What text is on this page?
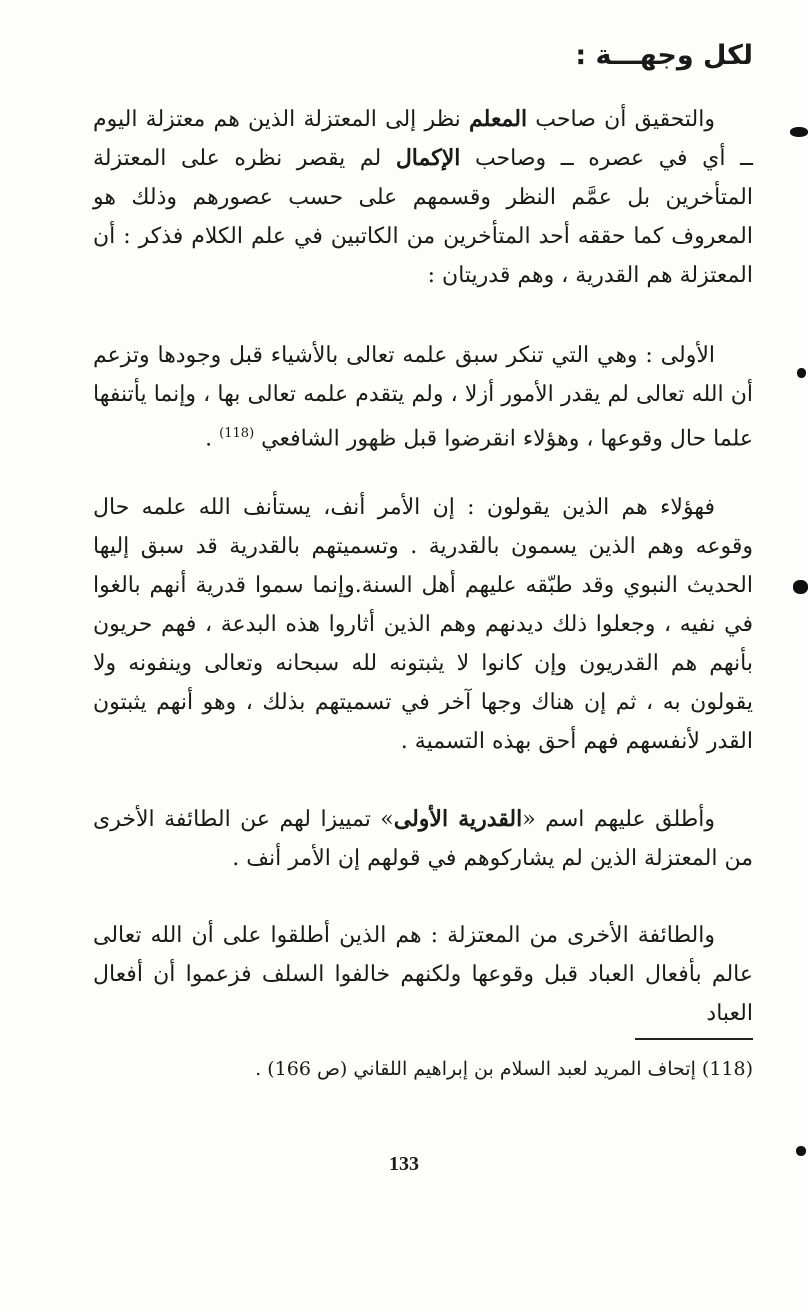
لكل وجهـــة :
والتحقيق أن صاحب المعلم نظر إلى المعتزلة الذين هم معتزلة اليوم ــ أي في عصره ــ وصاحب الإكمال لم يقصر نظره على المعتزلة المتأخرين بل عمَّم النظر وقسمهم على حسب عصورهم وذلك هو المعروف كما حققه أحد المتأخرين من الكاتبين في علم الكلام فذكر : أن المعتزلة هم القدرية ، وهم قدريتان :
الأولى : وهي التي تنكر سبق علمه تعالى بالأشياء قبل وجودها وتزعم أن الله تعالى لم يقدر الأمور أزلا ، ولم يتقدم علمه تعالى بها ، وإنما يأتنفها علما حال وقوعها ، وهؤلاء انقرضوا قبل ظهور الشافعي $^{(118)}$ .
فهؤلاء هم الذين يقولون : إن الأمر أنف، يستأنف الله علمه حال وقوعه وهم الذين يسمون بالقدرية . وتسميتهم بالقدرية قد سبق إليها الحديث النبوي وقد طبّقه عليهم أهل السنة.وإنما سموا قدرية أنهم بالغوا في نفيه ، وجعلوا ذلك ديدنهم وهم الذين أثاروا هذه البدعة ، فهم حريون بأنهم هم القدريون وإن كانوا لا يثبتونه لله سبحانه وتعالى وينفونه ولا يقولون به ، ثم إن هناك وجها آخر في تسميتهم بذلك ، وهو أنهم يثبتون القدر لأنفسهم فهم أحق بهذه التسمية .
وأطلق عليهم اسم «القدرية الأولى» تمييزا لهم عن الطائفة الأخرى من المعتزلة الذين لم يشاركوهم في قولهم إن الأمر أنف .
والطائفة الأخرى من المعتزلة : هم الذين أطلقوا على أن الله تعالى عالم بأفعال العباد قبل وقوعها ولكنهم خالفوا السلف فزعموا أن أفعال العباد
(118) إتحاف المريد لعبد السلام بن إبراهيم اللقاني (ص 166) .
133
